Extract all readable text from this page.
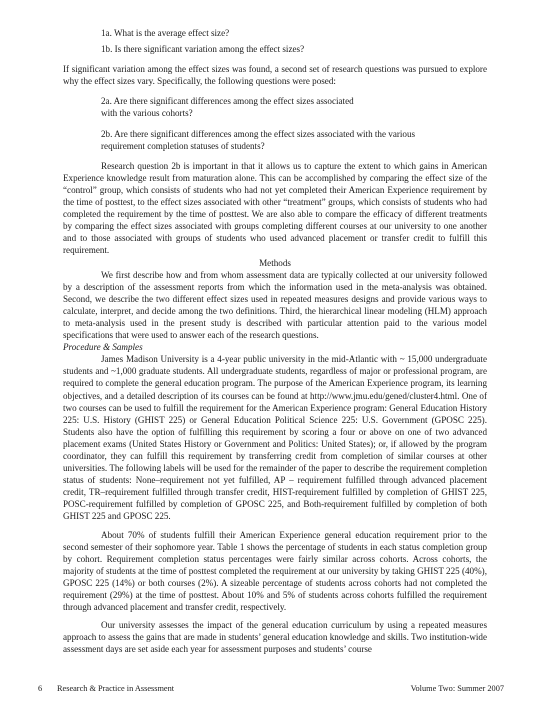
1a. What is the average effect size?

1b. Is there significant variation among the effect sizes?

If significant variation among the effect sizes was found, a second set of research questions was pursued to explore why the effect sizes vary. Specifically, the following questions were posed:

2a. Are there significant differences among the effect sizes associated with the various cohorts?

2b. Are there significant differences among the effect sizes associated with the various requirement completion statuses of students?

Research question 2b is important in that it allows us to capture the extent to which gains in American Experience knowledge result from maturation alone. This can be accomplished by comparing the effect size of the “control” group, which consists of students who had not yet completed their American Experience requirement by the time of posttest, to the effect sizes associated with other “treatment” groups, which consists of students who had completed the requirement by the time of posttest. We are also able to compare the efficacy of different treatments by comparing the effect sizes associated with groups completing different courses at our university to one another and to those associated with groups of students who used advanced placement or transfer credit to fulfill this requirement.

Methods

We first describe how and from whom assessment data are typically collected at our university followed by a description of the assessment reports from which the information used in the meta-analysis was obtained. Second, we describe the two different effect sizes used in repeated measures designs and provide various ways to calculate, interpret, and decide among the two definitions. Third, the hierarchical linear modeling (HLM) approach to meta-analysis used in the present study is described with particular attention paid to the various model specifications that were used to answer each of the research questions.

Procedure & Samples

James Madison University is a 4-year public university in the mid-Atlantic with ~ 15,000 undergraduate students and ~1,000 graduate students. All undergraduate students, regardless of major or professional program, are required to complete the general education program. The purpose of the American Experience program, its learning objectives, and a detailed description of its courses can be found at http://www.jmu.edu/gened/cluster4.html. One of two courses can be used to fulfill the requirement for the American Experience program: General Education History 225: U.S. History (GHIST 225) or General Education Political Science 225: U.S. Government (GPOSC 225). Students also have the option of fulfilling this requirement by scoring a four or above on one of two advanced placement exams (United States History or Government and Politics: United States); or, if allowed by the program coordinator, they can fulfill this requirement by transferring credit from completion of similar courses at other universities. The following labels will be used for the remainder of the paper to describe the requirement completion status of students: None–requirement not yet fulfilled, AP – requirement fulfilled through advanced placement credit, TR–requirement fulfilled through transfer credit, HIST-requirement fulfilled by completion of GHIST 225, POSC-requirement fulfilled by completion of GPOSC 225, and Both-requirement fulfilled by completion of both GHIST 225 and GPOSC 225.

About 70% of students fulfill their American Experience general education requirement prior to the second semester of their sophomore year. Table 1 shows the percentage of students in each status completion group by cohort. Requirement completion status percentages were fairly similar across cohorts. Across cohorts, the majority of students at the time of posttest completed the requirement at our university by taking GHIST 225 (40%), GPOSC 225 (14%) or both courses (2%). A sizeable percentage of students across cohorts had not completed the requirement (29%) at the time of posttest. About 10% and 5% of students across cohorts fulfilled the requirement through advanced placement and transfer credit, respectively.

Our university assesses the impact of the general education curriculum by using a repeated measures approach to assess the gains that are made in students’ general education knowledge and skills. Two institution-wide assessment days are set aside each year for assessment purposes and students’ course

6 Research & Practice in Assessment	Volume Two: Summer 2007
